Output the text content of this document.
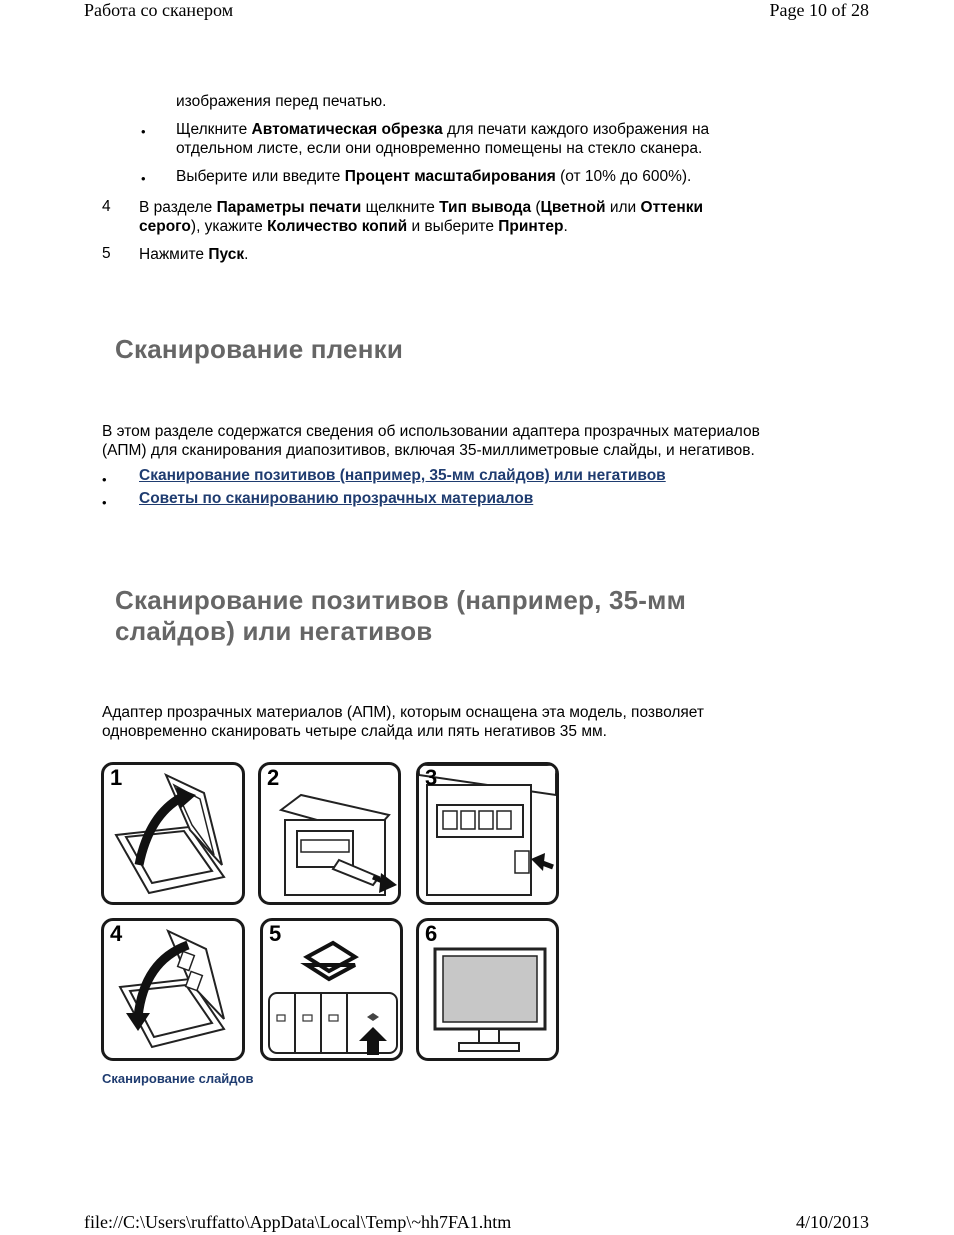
Работа со сканером	Page 10 of 28
изображения перед печатью.
• Щелкните Автоматическая обрезка для печати каждого изображения на
отдельном листе, если они одновременно помещены на стекло сканера.
• Выберите или введите Процент масштабирования (от 10% до 600%).
4 В разделе Параметры печати щелкните Тип вывода (Цветной или Оттенки
серого), укажите Количество копий и выберите Принтер.
5 Нажмите Пуск.
Сканирование пленки
В этом разделе содержатся сведения об использовании адаптера прозрачных материалов
(АПМ) для сканирования диапозитивов, включая 35-миллиметровые слайды, и негативов.
• Сканирование позитивов (например, 35-мм слайдов) или негативов
• Советы по сканированию прозрачных материалов
Сканирование позитивов (например, 35-мм
слайдов) или негативов
Адаптер прозрачных материалов (АПМ), которым оснащена эта модель, позволяет
одновременно сканировать четыре слайда или пять негативов 35 мм.
1	2	3
4	5	6
Сканирование слайдов
file://C:\Users\ruffatto\AppData\Local\Temp\~hh7FA1.htm	4/10/2013
